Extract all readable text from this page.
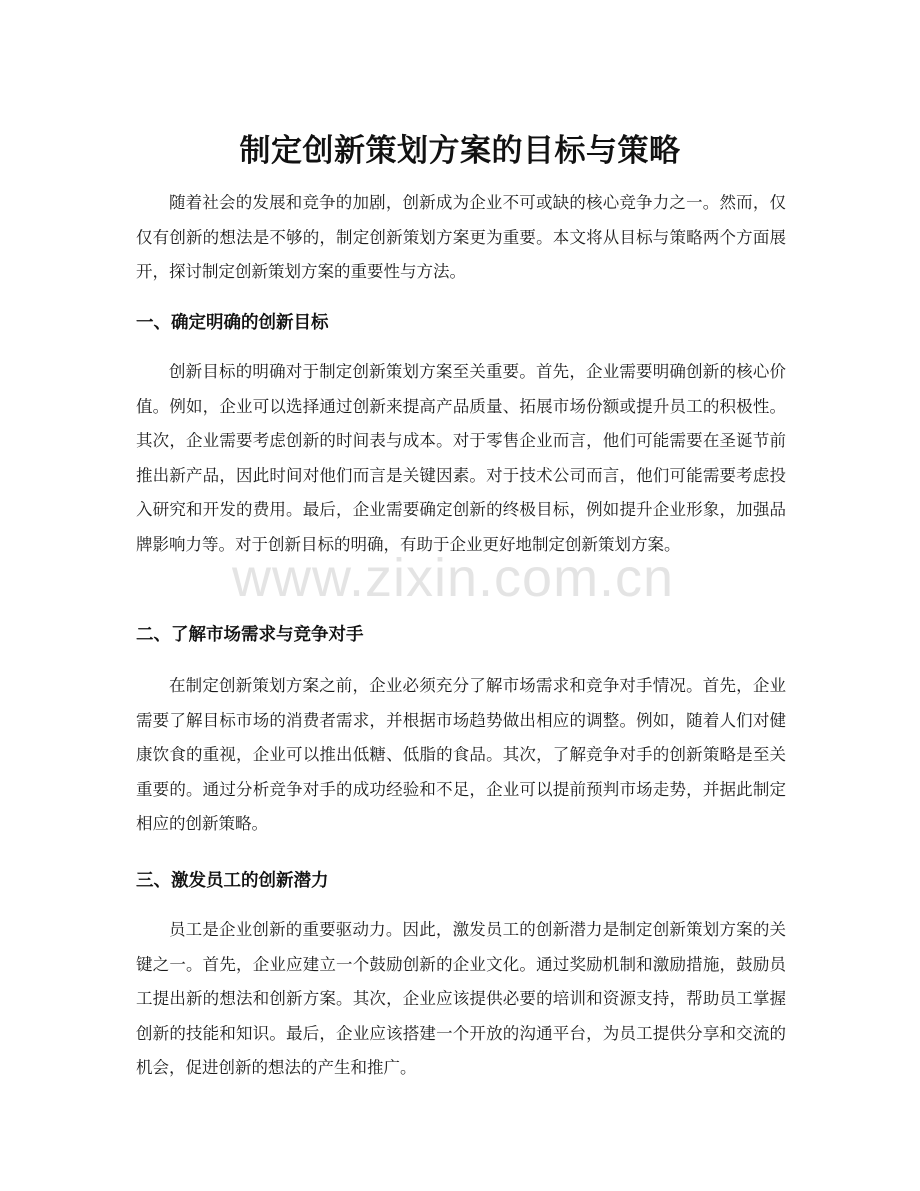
制定创新策划方案的目标与策略

随着社会的发展和竞争的加剧，创新成为企业不可或缺的核心竞争力之一。然而，仅仅有创新的想法是不够的，制定创新策划方案更为重要。本文将从目标与策略两个方面展开，探讨制定创新策划方案的重要性与方法。

一、确定明确的创新目标

创新目标的明确对于制定创新策划方案至关重要。首先，企业需要明确创新的核心价值。例如，企业可以选择通过创新来提高产品质量、拓展市场份额或提升员工的积极性。其次，企业需要考虑创新的时间表与成本。对于零售企业而言，他们可能需要在圣诞节前推出新产品，因此时间对他们而言是关键因素。对于技术公司而言，他们可能需要考虑投入研究和开发的费用。最后，企业需要确定创新的终极目标，例如提升企业形象，加强品牌影响力等。对于创新目标的明确，有助于企业更好地制定创新策划方案。

二、了解市场需求与竞争对手

在制定创新策划方案之前，企业必须充分了解市场需求和竞争对手情况。首先，企业需要了解目标市场的消费者需求，并根据市场趋势做出相应的调整。例如，随着人们对健康饮食的重视，企业可以推出低糖、低脂的食品。其次，了解竞争对手的创新策略是至关重要的。通过分析竞争对手的成功经验和不足，企业可以提前预判市场走势，并据此制定相应的创新策略。

三、激发员工的创新潜力

员工是企业创新的重要驱动力。因此，激发员工的创新潜力是制定创新策划方案的关键之一。首先，企业应建立一个鼓励创新的企业文化。通过奖励机制和激励措施，鼓励员工提出新的想法和创新方案。其次，企业应该提供必要的培训和资源支持，帮助员工掌握创新的技能和知识。最后，企业应该搭建一个开放的沟通平台，为员工提供分享和交流的机会，促进创新的想法的产生和推广。

www.zixin.com.cn
